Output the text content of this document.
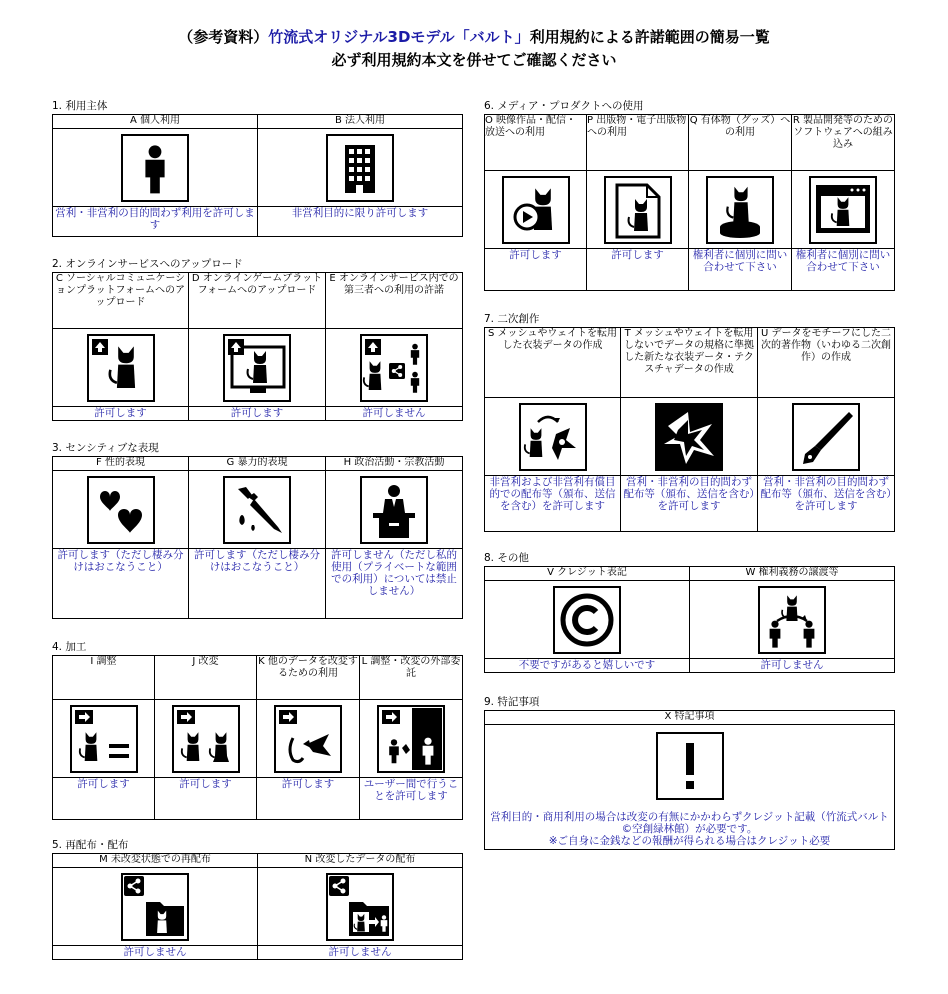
（参考資料）竹流式オリジナル3Dモデル「バルト」利用規約による許諾範囲の簡易一覧
必ず利用規約本文を併せてご確認ください
1. 利用主体
A 個人利用	B 法人利用

営利・非営利の目的問わず利用を許可します	非営利目的に限り許可します
2. オンラインサービスへのアップロード
C ソーシャルコミュニケーションプラットフォームへのアップロード	D オンラインゲームプラットフォームへのアップロード	E オンラインサービス内での第三者への利用の許諾

許可します	許可します	許可しません
3. センシティブな表現
F 性的表現	G 暴力的表現	H 政治活動・宗教活動

許可します（ただし棲み分けはおこなうこと）	許可します（ただし棲み分けはおこなうこと）	許可しません（ただし私的使用（プライベートな範囲での利用）については禁止しません）
4. 加工
I 調整	J 改変	K 他のデータを改変するための利用	L 調整・改変の外部委託

許可します	許可します	許可します	ユーザー間で行うことを許可します
5. 再配布・配布
M 未改変状態での再配布	N 改変したデータの配布

許可しません	許可しません
6. メディア・プロダクトへの使用
O 映像作品・配信・放送への利用	P 出版物・電子出版物への利用	Q 有体物（グッズ）への利用	R 製品開発等のためのソフトウェアへの組み込み

許可します	許可します	権利者に個別に問い合わせて下さい	権利者に個別に問い合わせて下さい
7. 二次創作
S メッシュやウェイトを転用した衣装データの作成	T メッシュやウェイトを転用しないでデータの規格に準拠した新たな衣装データ・テクスチャデータの作成	U データをモチーフにした二次的著作物（いわゆる二次創作）の作成

非営利および非営利有償目的での配布等（頒布、送信を含む）を許可します	営利・非営利の目的問わず配布等（頒布、送信を含む）を許可します	営利・非営利の目的問わず配布等（頒布、送信を含む）を許可します
8. その他
V クレジット表記	W 権利義務の譲渡等

不要ですがあると嬉しいです	許可しません
9. 特記事項
X 特記事項

営利目的・商用利用の場合は改変の有無にかかわらずクレジット記載（竹流式バルト©空創緑林館）が必要です。
※ご自身に金銭などの報酬が得られる場合はクレジット必要
